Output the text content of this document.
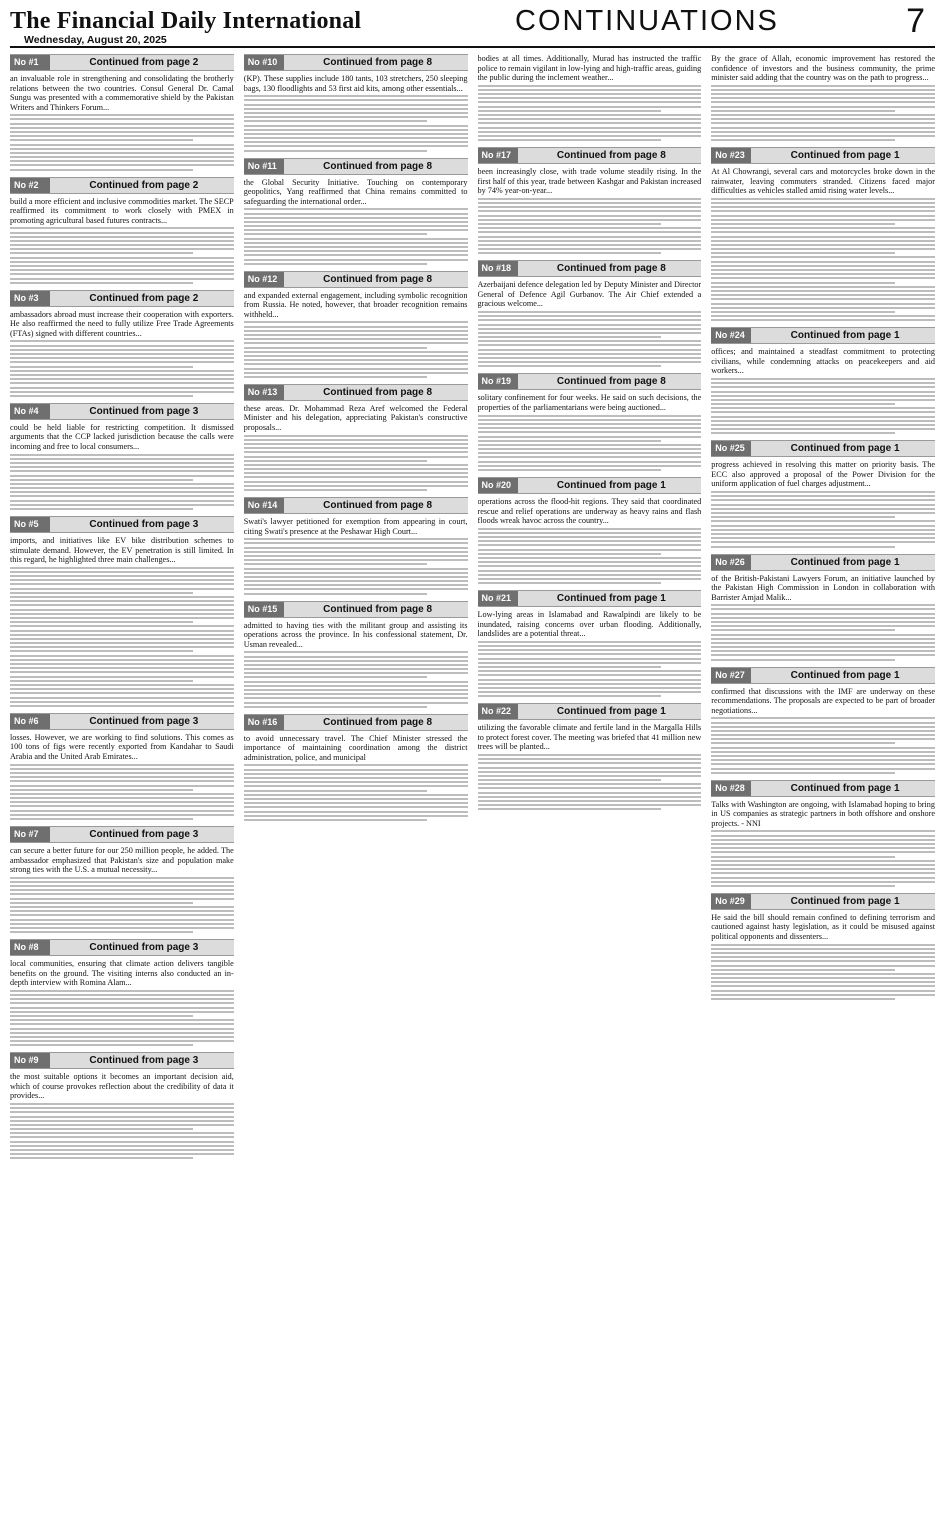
The Financial Daily International
Wednesday, August 20, 2025
CONTINUATIONS	7
No #1	Continued from page 2

an invaluable role in strengthening and consolidating the brotherly relations between the two countries. Consul General Dr. Camal Sungu was presented with a commemorative shield by the Pakistan Writers and Thinkers Forum...

No #2	Continued from page 2

build a more efficient and inclusive commodities market. The SECP reaffirmed its commitment to work closely with PMEX in promoting agricultural based futures contracts...

No #3	Continued from page 2

ambassadors abroad must increase their cooperation with exporters. He also reaffirmed the need to fully utilize Free Trade Agreements (FTAs) signed with different countries...

No #4	Continued from page 3

could be held liable for restricting competition. It dismissed arguments that the CCP lacked jurisdiction because the calls were incoming and free to local consumers...

No #5	Continued from page 3

imports, and initiatives like EV bike distribution schemes to stimulate demand. However, the EV penetration is still limited. In this regard, he highlighted three main challenges...

No #6	Continued from page 3

losses. However, we are working to find solutions. This comes as 100 tons of figs were recently exported from Kandahar to Saudi Arabia and the United Arab Emirates...

No #7	Continued from page 3

can secure a better future for our 250 million people, he added. The ambassador emphasized that Pakistan's size and population make strong ties with the U.S. a mutual necessity...

No #8	Continued from page 3

local communities, ensuring that climate action delivers tangible benefits on the ground. The visiting interns also conducted an in-depth interview with Romina Alam...

No #9	Continued from page 3

the most suitable options it becomes an important decision aid, which of course provokes reflection about the credibility of data it provides...

No #10	Continued from page 8

(KP). These supplies include 180 tants, 103 stretchers, 250 sleeping bags, 130 floodlights and 53 first aid kits, among other essentials...

No #11	Continued from page 8

the Global Security Initiative. Touching on contemporary geopolitics, Yang reaffirmed that China remains committed to safeguarding the international order...

No #12	Continued from page 8

and expanded external engagement, including symbolic recognition from Russia. He noted, however, that broader recognition remains withheld...

No #13	Continued from page 8

these areas. Dr. Mohammad Reza Aref welcomed the Federal Minister and his delegation, appreciating Pakistan's constructive proposals...

No #14	Continued from page 8

Swati's lawyer petitioned for exemption from appearing in court, citing Swati's presence at the Peshawar High Court...

No #15	Continued from page 8

admitted to having ties with the militant group and assisting its operations across the province. In his confessional statement, Dr. Usman revealed...

No #16	Continued from page 8

to avoid unnecessary travel. The Chief Minister stressed the importance of maintaining coordination among the district administration, police, and municipal

bodies at all times. Additionally, Murad has instructed the traffic police to remain vigilant in low-lying and high-traffic areas, guiding the public during the inclement weather...

No #17	Continued from page 8

been increasingly close, with trade volume steadily rising. In the first half of this year, trade between Kashgar and Pakistan increased by 74% year-on-year...

No #18	Continued from page 8

Azerbaijani defence delegation led by Deputy Minister and Director General of Defence Agil Gurbanov. The Air Chief extended a gracious welcome...

No #19	Continued from page 8

solitary confinement for four weeks. He said on such decisions, the properties of the parliamentarians were being auctioned...

No #20	Continued from page 1

operations across the flood-hit regions. They said that coordinated rescue and relief operations are underway as heavy rains and flash floods wreak havoc across the country...

No #21	Continued from page 1

Low-lying areas in Islamabad and Rawalpindi are likely to be inundated, raising concerns over urban flooding. Additionally, landslides are a potential threat...

No #22	Continued from page 1

utilizing the favorable climate and fertile land in the Margalla Hills to protect forest cover. The meeting was briefed that 41 million new trees will be planted...

By the grace of Allah, economic improvement has restored the confidence of investors and the business community, the prime minister said adding that the country was on the path to progress...

No #23	Continued from page 1

At Al Chowrangi, several cars and motorcycles broke down in the rainwater, leaving commuters stranded. Citizens faced major difficulties as vehicles stalled amid rising water levels...

No #24	Continued from page 1

offices; and maintained a steadfast commitment to protecting civilians, while condemning attacks on peacekeepers and aid workers...

No #25	Continued from page 1

progress achieved in resolving this matter on priority basis. The ECC also approved a proposal of the Power Division for the uniform application of fuel charges adjustment...

No #26	Continued from page 1

of the British-Pakistani Lawyers Forum, an initiative launched by the Pakistan High Commission in London in collaboration with Barrister Amjad Malik...

No #27	Continued from page 1

confirmed that discussions with the IMF are underway on these recommendations. The proposals are expected to be part of broader negotiations...

No #28	Continued from page 1

Talks with Washington are ongoing, with Islamabad hoping to bring in US companies as strategic partners in both offshore and onshore projects. - NNI

No #29	Continued from page 1

He said the bill should remain confined to defining terrorism and cautioned against hasty legislation, as it could be misused against political opponents and dissenters...
